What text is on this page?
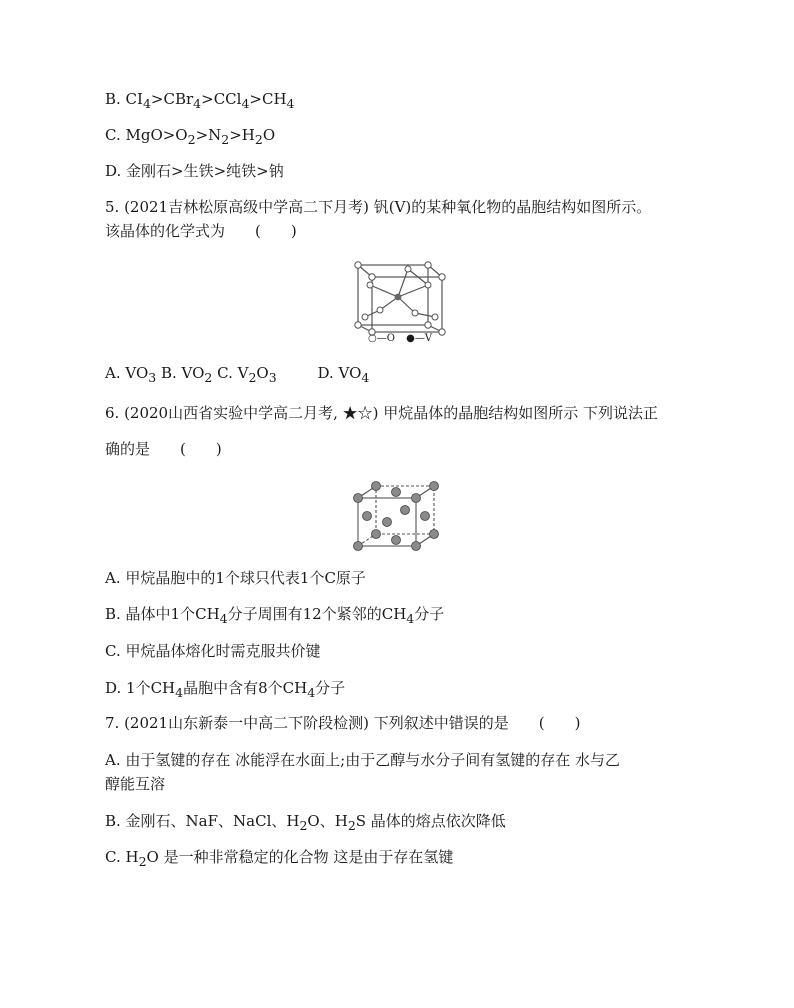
B. $CI_4>CBr_4>CCl_4>CH_4$
C. $MgO>O_2>N_2>H_2O$
D. 金刚石>生铁>纯铁>钠
5. (2021吉林松原高级中学高二下月考) 钒(V)的某种氧化物的晶胞结构如图所示。
该晶体的化学式为　　(　　)
○—O ●—V
A. $VO_3$ B. $VO_2$ C. $V_2O_3$	D. $VO_4$
6. (2020山西省实验中学高二月考, ★☆) 甲烷晶体的晶胞结构如图所示 下列说法正
确的是　　(　　)
A. 甲烷晶胞中的1个球只代表1个C原子
B. 晶体中1个$CH_4$分子周围有12个紧邻的$CH_4$分子
C. 甲烷晶体熔化时需克服共价键
D. 1个$CH_4$晶胞中含有8个$CH_4$分子
7. (2021山东新泰一中高二下阶段检测) 下列叙述中错误的是　　(　　)
A. 由于氢键的存在 冰能浮在水面上;由于乙醇与水分子间有氢键的存在 水与乙
醇能互溶
B. 金刚石、NaF、NaCl、$H_2O$、$H_2S$ 晶体的熔点依次降低
C. $H_2O$ 是一种非常稳定的化合物 这是由于存在氢键
